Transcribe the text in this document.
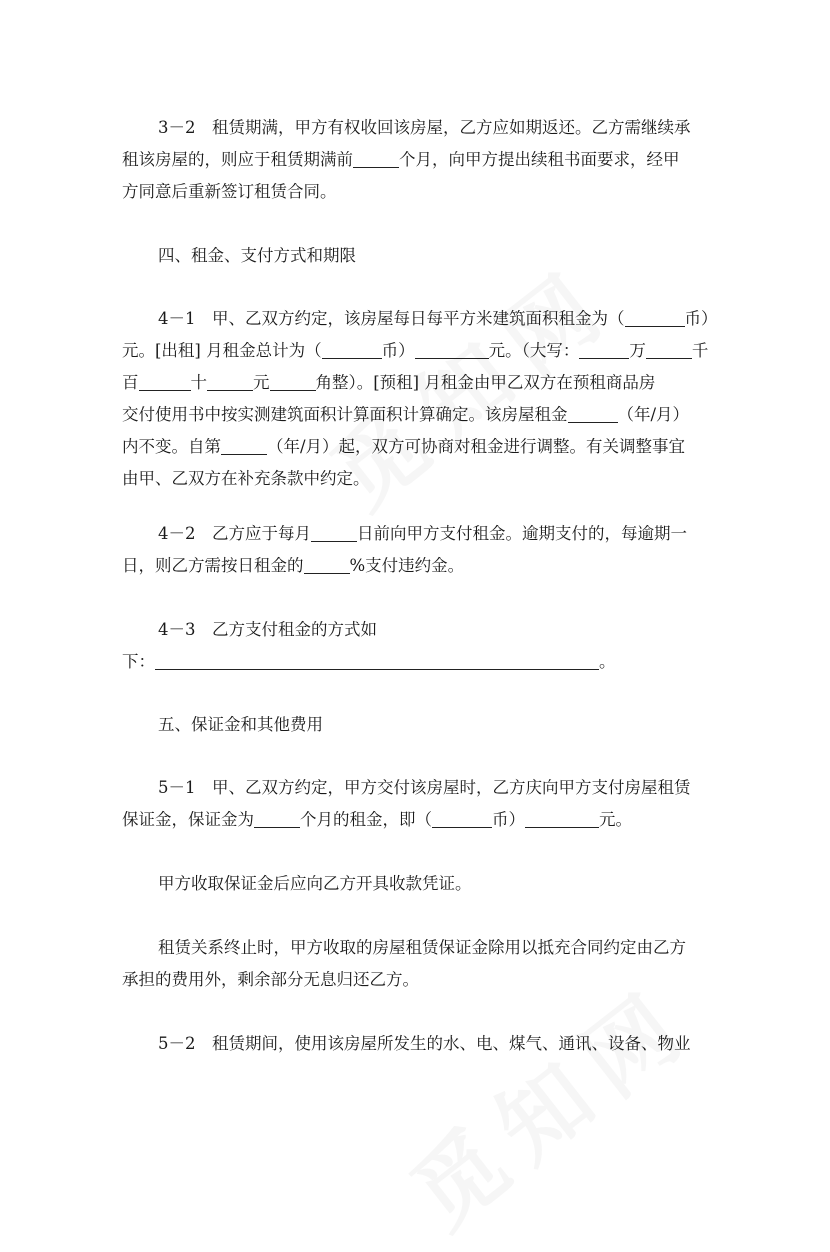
3－2　租赁期满，甲方有权收回该房屋，乙方应如期返还。乙方需继续承
租该房屋的，则应于租赁期满前	个月，向甲方提出续租书面要求，经甲
方同意后重新签订租赁合同。
四、租金、支付方式和期限
4－1　甲、乙双方约定，该房屋每日每平方米建筑面积租金为（	币）
元。[出租] 月租金总计为（	币）	元。（大写：	万	千
百	十	元	角整）。[预租] 月租金由甲乙双方在预租商品房
交付使用书中按实测建筑面积计算面积计算确定。该房屋租金	（年/月）
内不变。自第	（年/月）起，双方可协商对租金进行调整。有关调整事宜
由甲、乙双方在补充条款中约定。
4－2　乙方应于每月	日前向甲方支付租金。逾期支付的，每逾期一
日，则乙方需按日租金的	%支付违约金。
4－3　乙方支付租金的方式如
下：	。
五、保证金和其他费用
5－1　甲、乙双方约定，甲方交付该房屋时，乙方庆向甲方支付房屋租赁
保证金，保证金为	个月的租金，即（	币）	元。
甲方收取保证金后应向乙方开具收款凭证。
租赁关系终止时，甲方收取的房屋租赁保证金除用以抵充合同约定由乙方
承担的费用外，剩余部分无息归还乙方。
5－2　租赁期间，使用该房屋所发生的水、电、煤气、通讯、设备、物业
